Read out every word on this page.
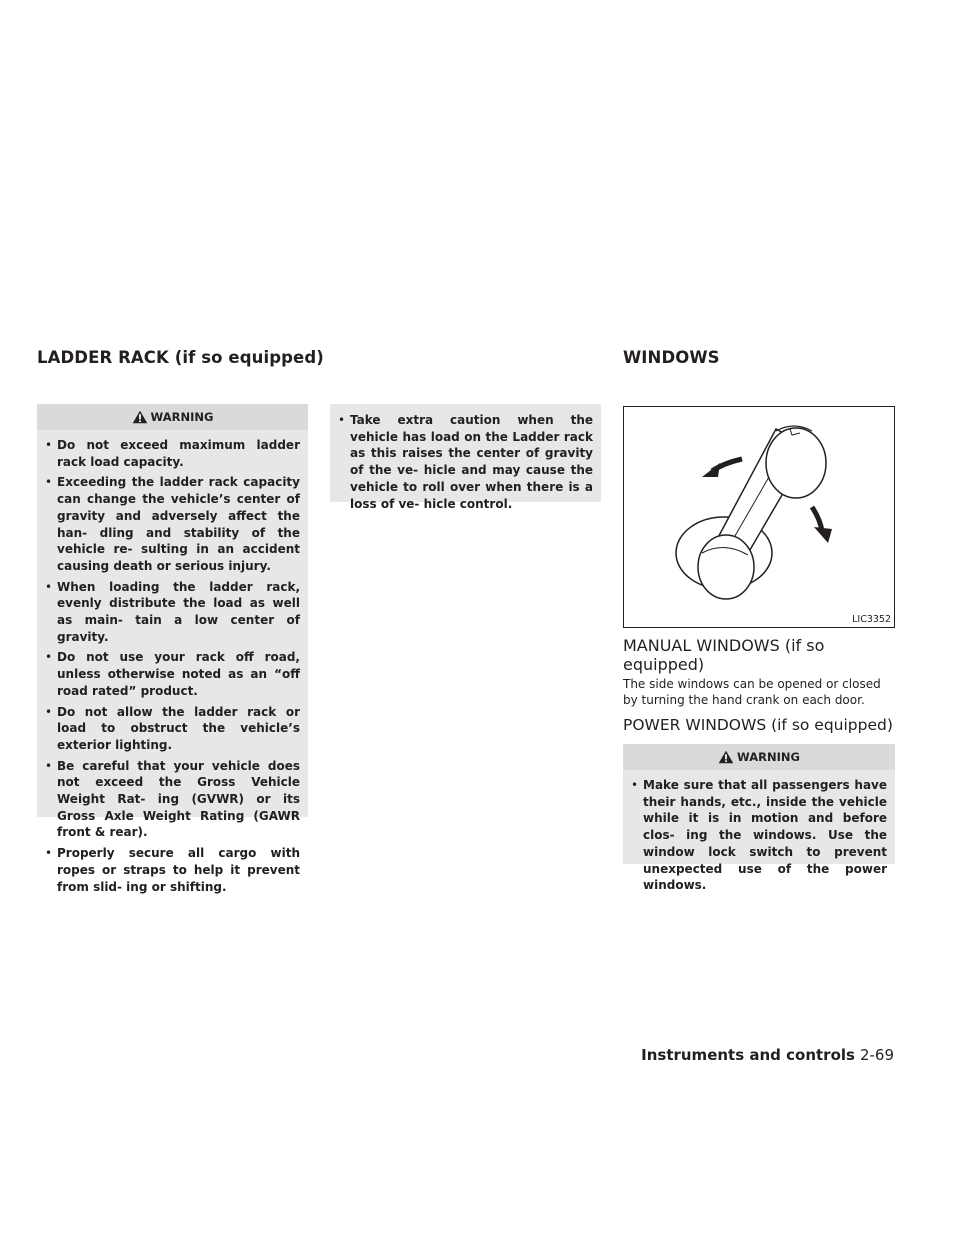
LADDER RACK (if so equipped)
WARNING
• Do not exceed maximum ladder rack load capacity.
• Exceeding the ladder rack capacity can change the vehicle’s center of gravity and adversely affect the han- dling and stability of the vehicle re- sulting in an accident causing death or serious injury.
• When loading the ladder rack, evenly distribute the load as well as main- tain a low center of gravity.
• Do not use your rack off road, unless otherwise noted as an “off road rated” product.
• Do not allow the ladder rack or load to obstruct the vehicle’s exterior lighting.
• Be careful that your vehicle does not exceed the Gross Vehicle Weight Rat- ing (GVWR) or its Gross Axle Weight Rating (GAWR front & rear).
• Properly secure all cargo with ropes or straps to help it prevent from slid- ing or shifting.
• Take extra caution when the vehicle has load on the Ladder rack as this raises the center of gravity of the ve- hicle and may cause the vehicle to roll over when there is a loss of ve- hicle control.
WINDOWS
LIC3352
MANUAL WINDOWS (if so equipped)

The side windows can be opened or closed by turning the hand crank on each door.

POWER WINDOWS (if so equipped)
WARNING
• Make sure that all passengers have their hands, etc., inside the vehicle while it is in motion and before clos- ing the windows. Use the window lock switch to prevent unexpected use of the power windows.
Instruments and controls 2-69
